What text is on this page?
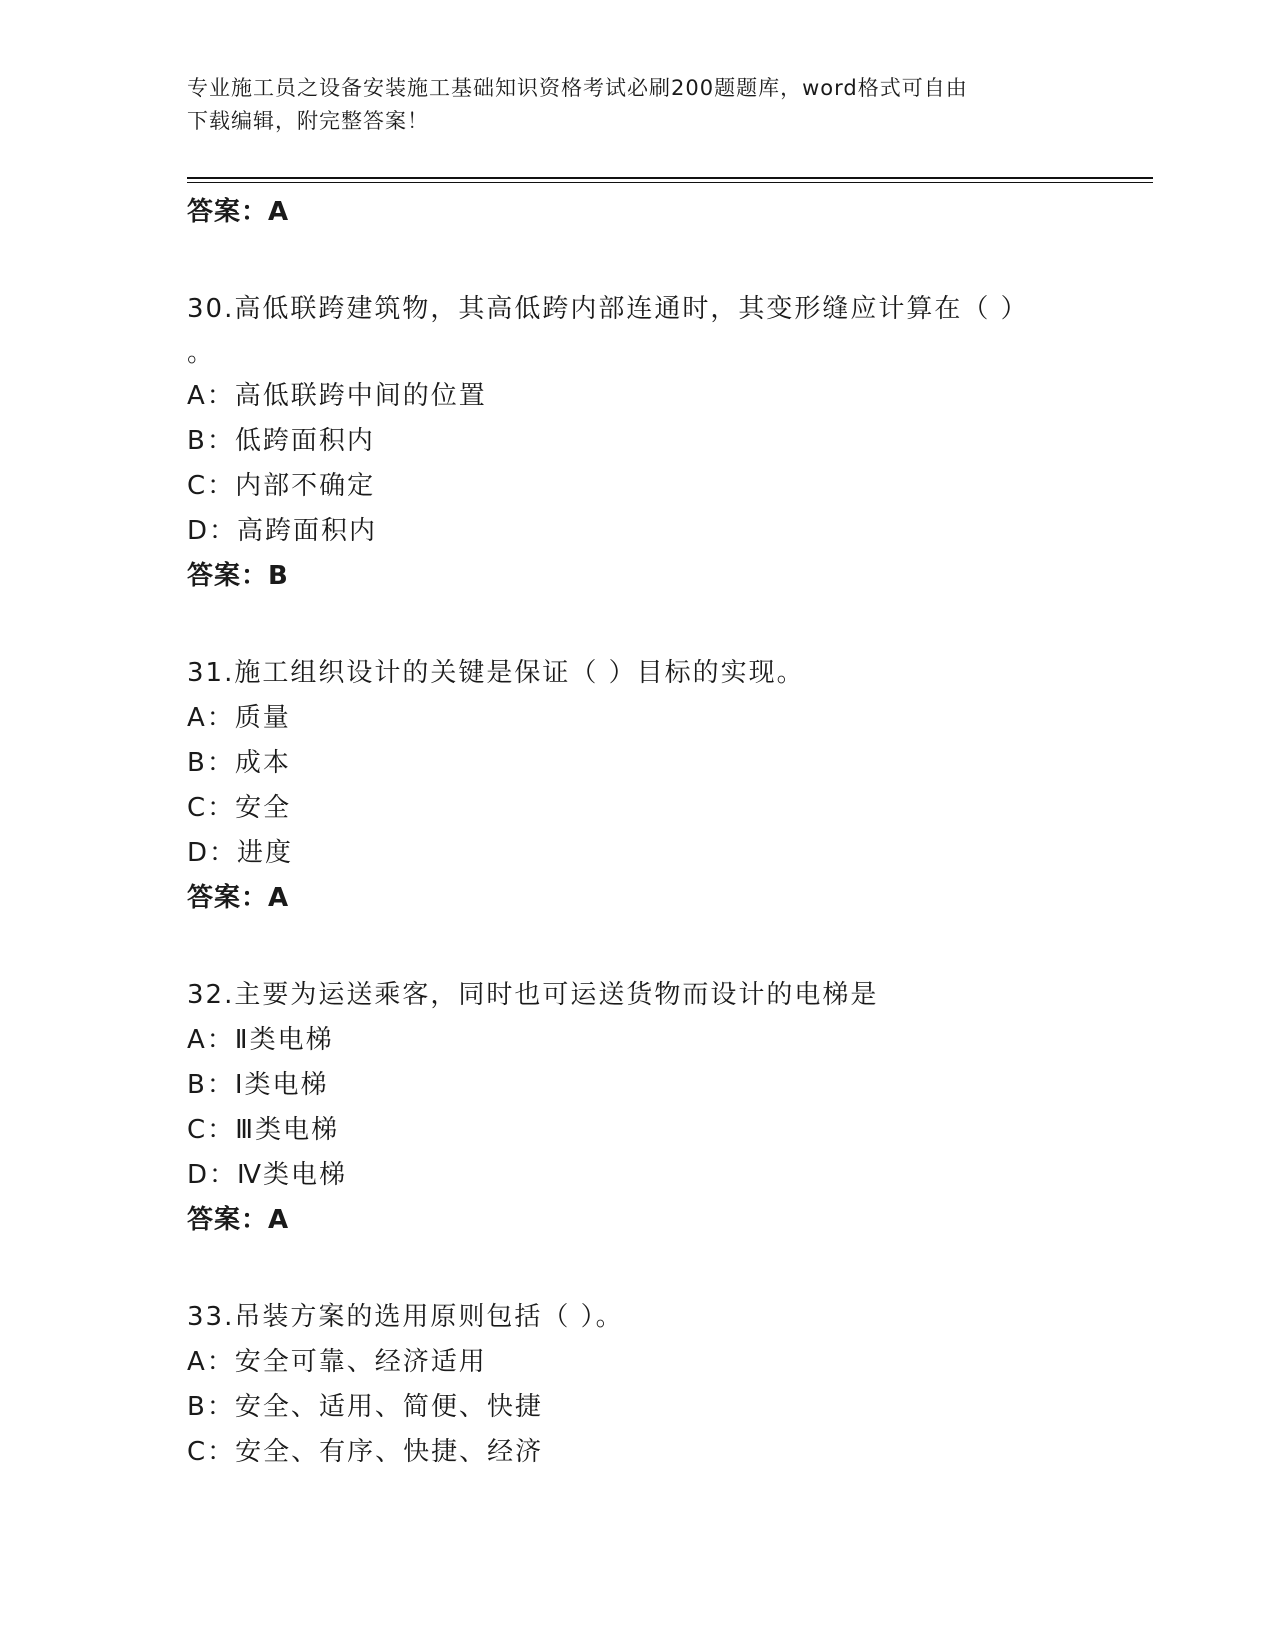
专业施工员之设备安装施工基础知识资格考试必刷200题题库，word格式可自由
下载编辑，附完整答案！
答案：A
30.高低联跨建筑物，其高低跨内部连通时，其变形缝应计算在（ ）
。
A：高低联跨中间的位置
B：低跨面积内
C：内部不确定
D：高跨面积内
答案：B
31.施工组织设计的关键是保证（ ）目标的实现。
A：质量
B：成本
C：安全
D：进度
答案：A
32.主要为运送乘客，同时也可运送货物而设计的电梯是
A：Ⅱ类电梯
B：Ⅰ类电梯
C：Ⅲ类电梯
D：Ⅳ类电梯
答案：A
33.吊装方案的选用原则包括（ ）。
A：安全可靠、经济适用
B：安全、适用、简便、快捷
C：安全、有序、快捷、经济
